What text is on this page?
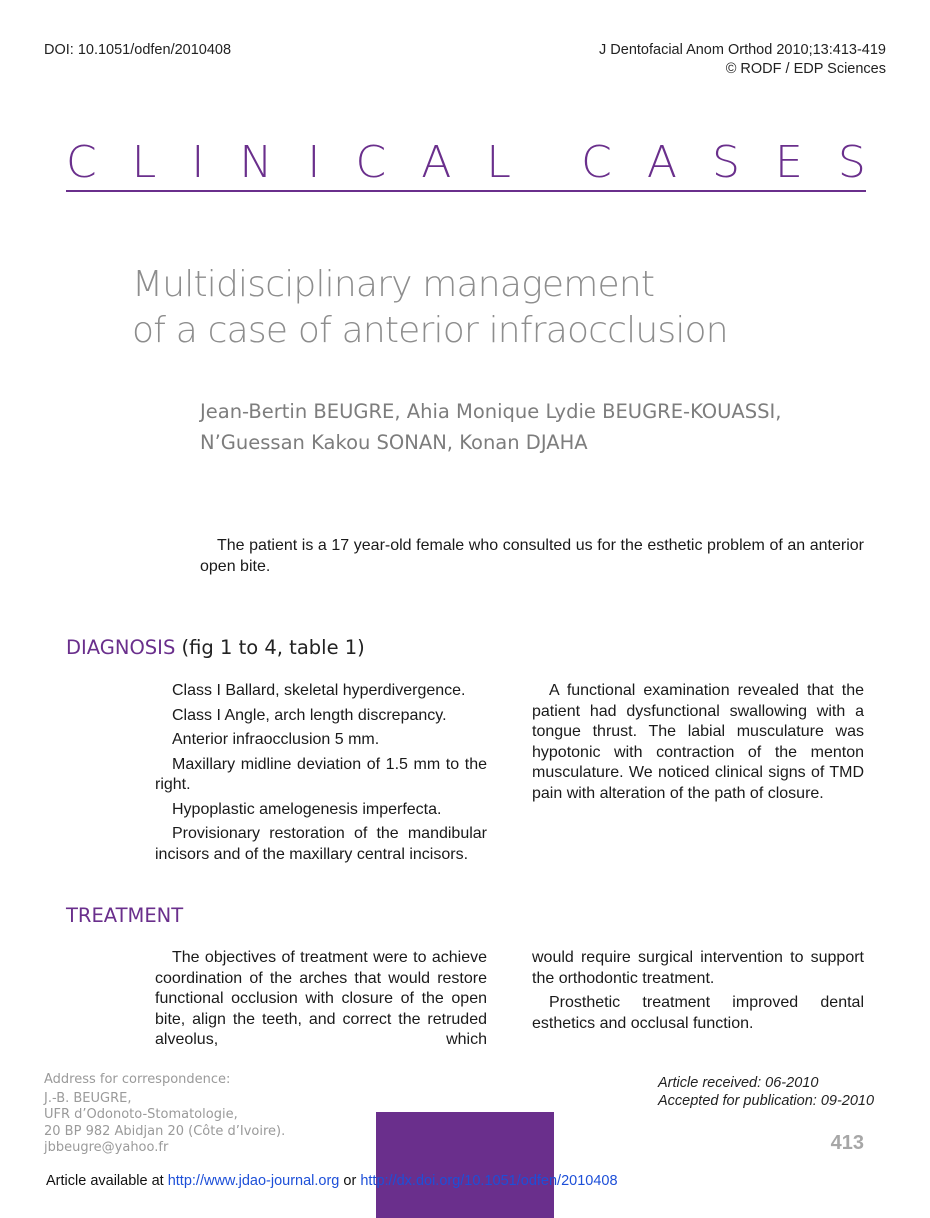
DOI: 10.1051/odfen/2010408	J Dentofacial Anom Orthod 2010;13:413-419
© RODF / EDP Sciences
C L I N I C A L C A S E S
Multidisciplinary management
of a case of anterior infraocclusion
Jean-Bertin BEUGRE, Ahia Monique Lydie BEUGRE-KOUASSI,
N’Guessan Kakou SONAN, Konan DJAHA

The patient is a 17 year-old female who consulted us for the esthetic problem of an anterior open bite.

DIAGNOSIS (fig 1 to 4, table 1)

Class I Ballard, skeletal hyperdivergence.

Class I Angle, arch length discrepancy.

Anterior infraocclusion 5 mm.

Maxillary midline deviation of 1.5 mm to the right.

Hypoplastic amelogenesis imperfecta.

Provisionary restoration of the mandibular incisors and of the maxillary central incisors.

A functional examination revealed that the patient had dysfunctional swallowing with a tongue thrust. The labial musculature was hypotonic with contraction of the menton musculature. We noticed clinical signs of TMD pain with alteration of the path of closure.

TREATMENT

The objectives of treatment were to achieve coordination of the arches that would restore functional occlusion with closure of the open bite, align the teeth, and correct the retruded alveolus, which

would require surgical intervention to support the orthodontic treatment.

Prosthetic treatment improved dental esthetics and occlusal function.

Address for correspondence:
J.-B. BEUGRE,
UFR d’Odonoto-Stomatologie,
20 BP 982 Abidjan 20 (Côte d’Ivoire).
jbbeugre@yahoo.fr
Article received: 06-2010
Accepted for publication: 09-2010
413
Article available at http://www.jdao-journal.org or http://dx.doi.org/10.1051/odfen/2010408
